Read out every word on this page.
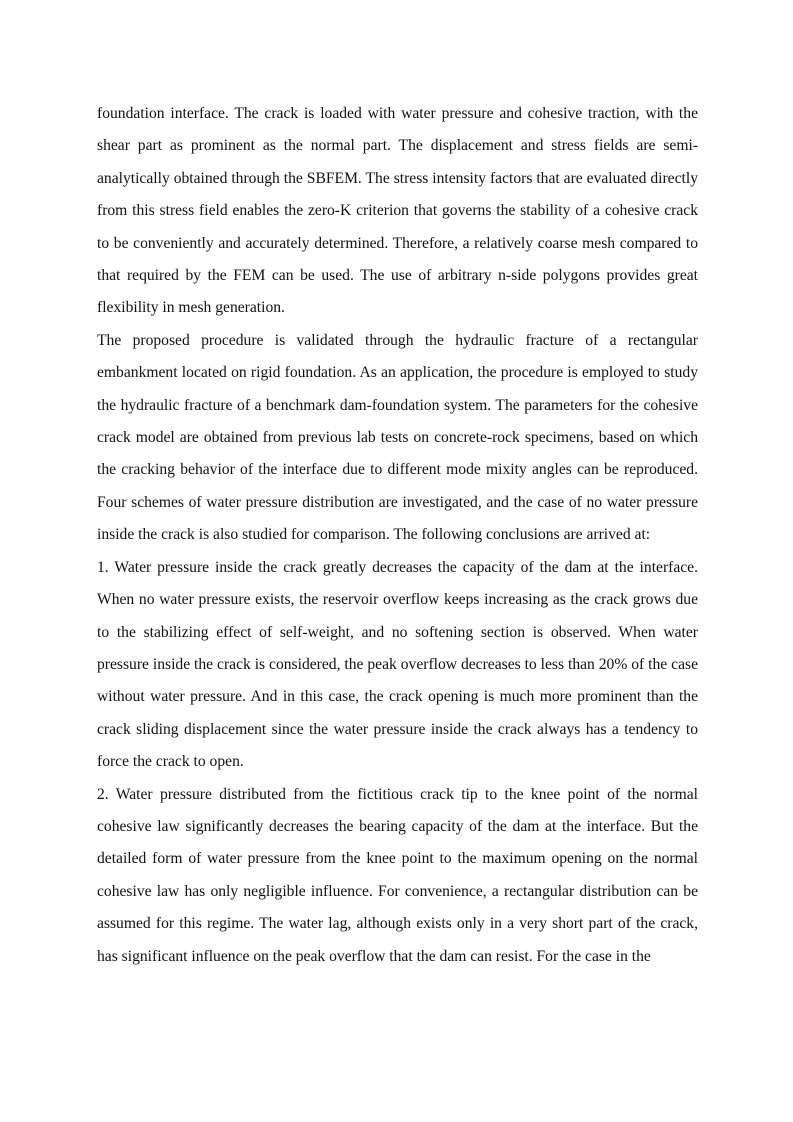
foundation interface. The crack is loaded with water pressure and cohesive traction, with the shear part as prominent as the normal part. The displacement and stress fields are semi-analytically obtained through the SBFEM. The stress intensity factors that are evaluated directly from this stress field enables the zero-K criterion that governs the stability of a cohesive crack to be conveniently and accurately determined. Therefore, a relatively coarse mesh compared to that required by the FEM can be used. The use of arbitrary n-side polygons provides great flexibility in mesh generation.

The proposed procedure is validated through the hydraulic fracture of a rectangular embankment located on rigid foundation. As an application, the procedure is employed to study the hydraulic fracture of a benchmark dam-foundation system. The parameters for the cohesive crack model are obtained from previous lab tests on concrete-rock specimens, based on which the cracking behavior of the interface due to different mode mixity angles can be reproduced. Four schemes of water pressure distribution are investigated, and the case of no water pressure inside the crack is also studied for comparison. The following conclusions are arrived at:

1. Water pressure inside the crack greatly decreases the capacity of the dam at the interface. When no water pressure exists, the reservoir overflow keeps increasing as the crack grows due to the stabilizing effect of self-weight, and no softening section is observed. When water pressure inside the crack is considered, the peak overflow decreases to less than 20% of the case without water pressure. And in this case, the crack opening is much more prominent than the crack sliding displacement since the water pressure inside the crack always has a tendency to force the crack to open.

2. Water pressure distributed from the fictitious crack tip to the knee point of the normal cohesive law significantly decreases the bearing capacity of the dam at the interface. But the detailed form of water pressure from the knee point to the maximum opening on the normal cohesive law has only negligible influence. For convenience, a rectangular distribution can be assumed for this regime. The water lag, although exists only in a very short part of the crack, has significant influence on the peak overflow that the dam can resist. For the case in the
